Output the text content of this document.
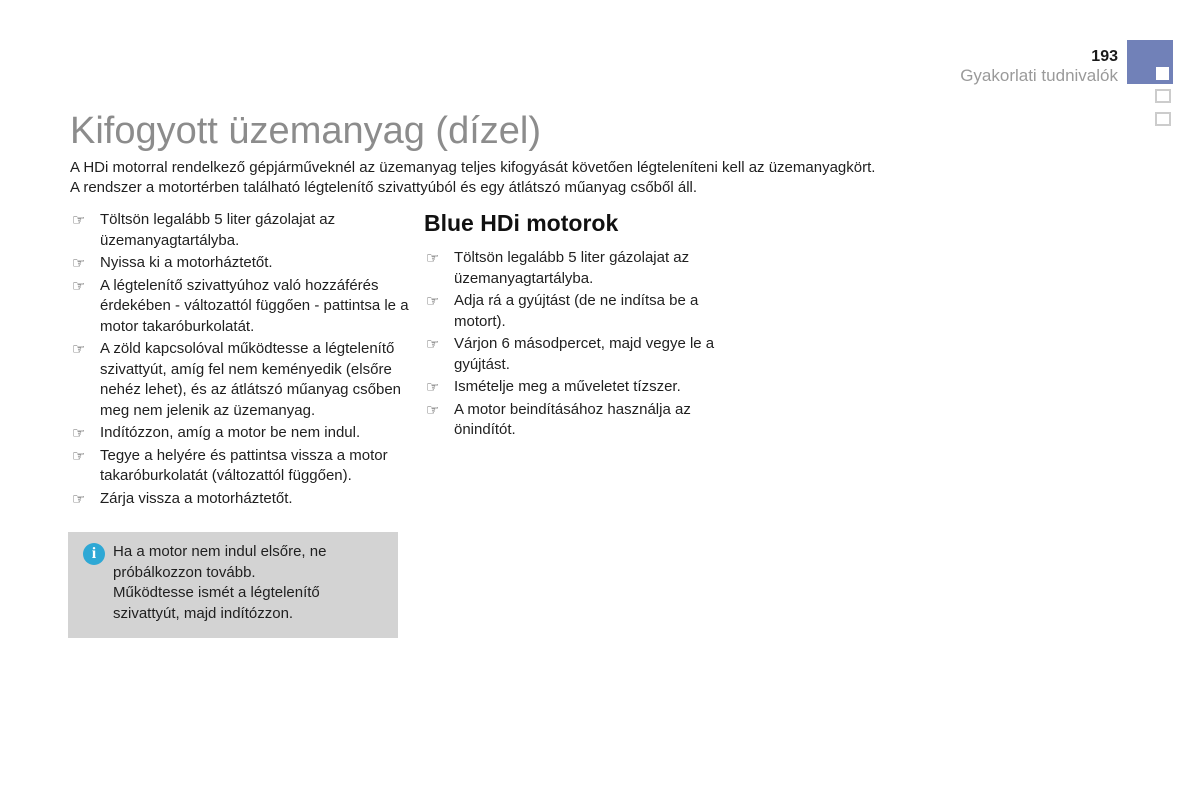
193
Gyakorlati tudnivalók
Kifogyott üzemanyag (dízel)
A HDi motorral rendelkező gépjárműveknél az üzemanyag teljes kifogyását követően légteleníteni kell az üzemanyagkört.
A rendszer a motortérben található légtelenítő szivattyúból és egy átlátszó műanyag csőből áll.
☞ Töltsön legalább 5 liter gázolajat az üzemanyagtartályba.
☞ Nyissa ki a motorháztetőt.
☞ A légtelenítő szivattyúhoz való hozzáférés érdekében - változattól függően - pattintsa le a motor takaróburkolatát.
☞ A zöld kapcsolóval működtesse a légtelenítő szivattyút, amíg fel nem keményedik (elsőre nehéz lehet), és az átlátszó műanyag csőben meg nem jelenik az üzemanyag.
☞ Indítózzon, amíg a motor be nem indul.
☞ Tegye a helyére és pattintsa vissza a motor takaróburkolatát (változattól függően).
☞ Zárja vissza a motorháztetőt.
Blue HDi motorok
☞ Töltsön legalább 5 liter gázolajat az üzemanyagtartályba.
☞ Adja rá a gyújtást (de ne indítsa be a motort).
☞ Várjon 6 másodpercet, majd vegye le a gyújtást.
☞ Ismételje meg a műveletet tízszer.
☞ A motor beindításához használja az önindítót.
i	Ha a motor nem indul elsőre, ne próbálkozzon tovább.

Működtesse ismét a légtelenítő szivattyút, majd indítózzon.
